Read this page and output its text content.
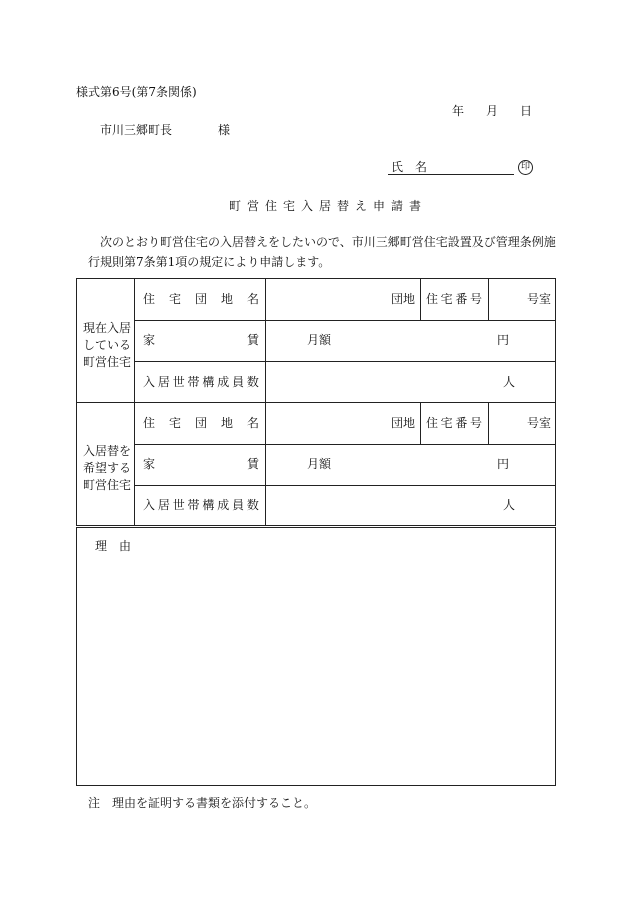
様式第6号(第7条関係)
年 月 日
市川三郷町長	様
氏　名	印
町営住宅入居替え申請書
次のとおり町営住宅の入居替えをしたいので、市川三郷町営住宅設置及び管理条例施
行規則第7条第1項の規定により申請します。
現在入居
している
町営住宅
住 宅 団 地 名	団地 住 宅 番 号	号室
家	賃	月額	円
入 居 世 帯 構 成 員 数	人
入居替を
希望する
町営住宅
住 宅 団 地 名	団地 住 宅 番 号	号室
家	賃	月額	円
入 居 世 帯 構 成 員 数	人
理　由
注　理由を証明する書類を添付すること。
